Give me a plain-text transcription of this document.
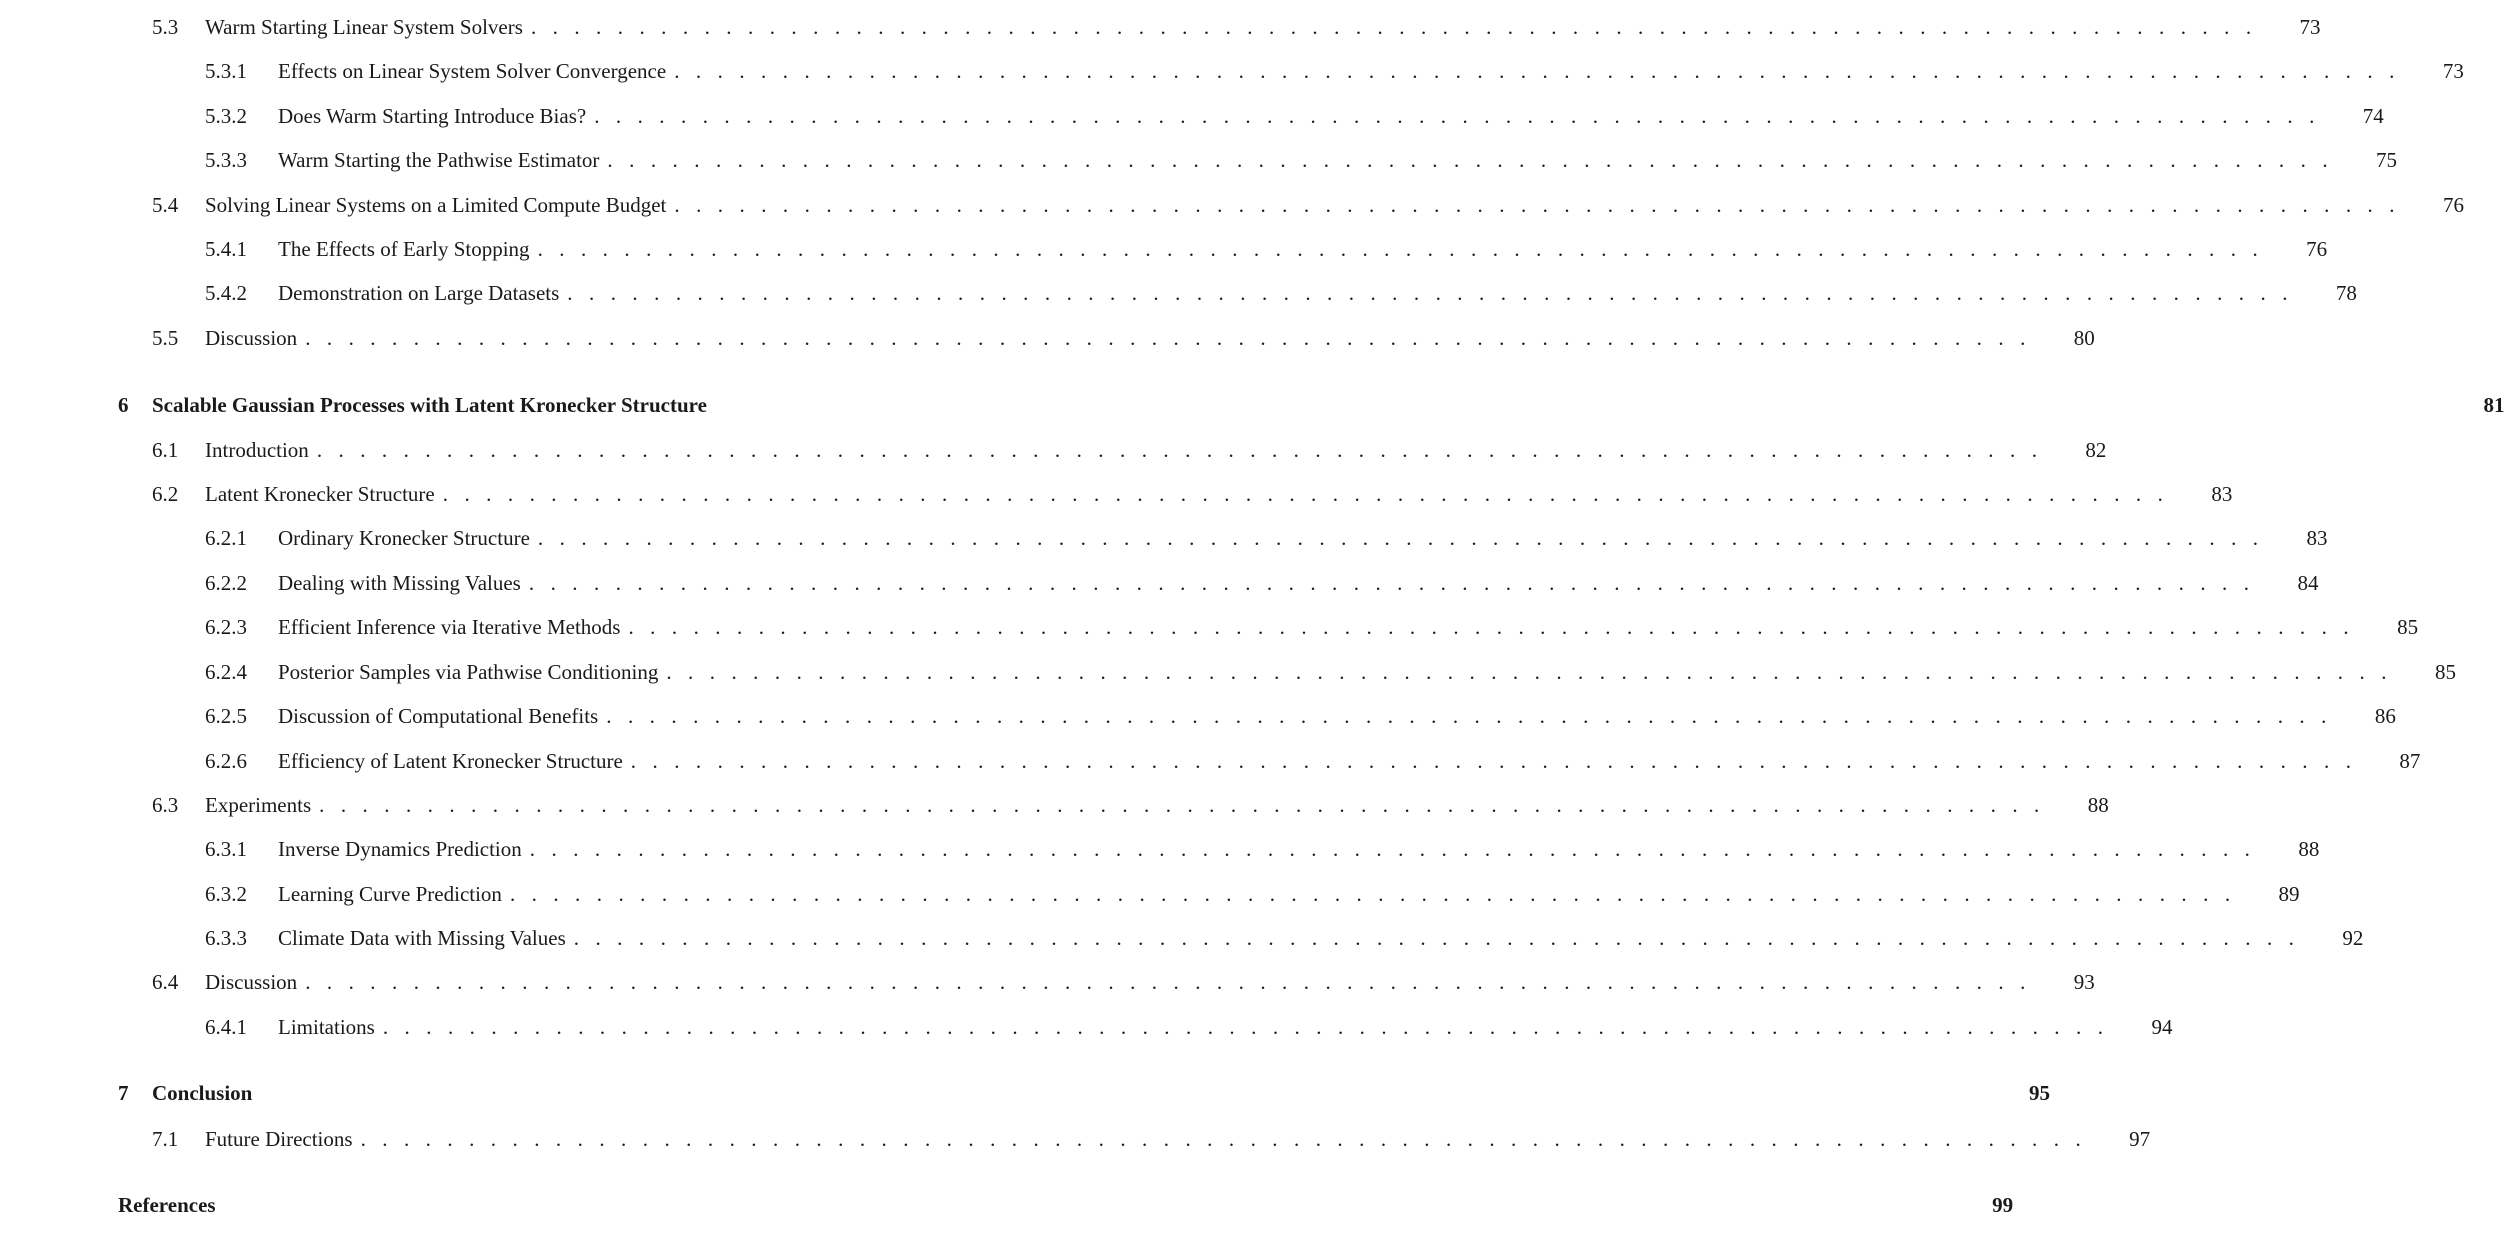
5.3	Warm Starting Linear System Solvers    .   .   .   .   .   .   .   .   .   .   .   .   .   .   .   .   .   .   .   .   .   .   .   .   .   .   .   .   .   .   .   .   .   .   .   .   .   .   .   .   .   .   .   .   .   .   .   .   .   .   .   .   .   .   .   .   .   .   .   .   .   .   .   .   .   .   .   .   .   .   .   .   .   .   .   .   .   .   .   .	73
5.3.1	Effects on Linear System Solver Convergence    .   .   .   .   .   .   .   .   .   .   .   .   .   .   .   .   .   .   .   .   .   .   .   .   .   .   .   .   .   .   .   .   .   .   .   .   .   .   .   .   .   .   .   .   .   .   .   .   .   .   .   .   .   .   .   .   .   .   .   .   .   .   .   .   .   .   .   .   .   .   .   .   .   .   .   .   .   .   .   .	73
5.3.2	Does Warm Starting Introduce Bias?    .   .   .   .   .   .   .   .   .   .   .   .   .   .   .   .   .   .   .   .   .   .   .   .   .   .   .   .   .   .   .   .   .   .   .   .   .   .   .   .   .   .   .   .   .   .   .   .   .   .   .   .   .   .   .   .   .   .   .   .   .   .   .   .   .   .   .   .   .   .   .   .   .   .   .   .   .   .   .   .	74
5.3.3	Warm Starting the Pathwise Estimator    .   .   .   .   .   .   .   .   .   .   .   .   .   .   .   .   .   .   .   .   .   .   .   .   .   .   .   .   .   .   .   .   .   .   .   .   .   .   .   .   .   .   .   .   .   .   .   .   .   .   .   .   .   .   .   .   .   .   .   .   .   .   .   .   .   .   .   .   .   .   .   .   .   .   .   .   .   .   .   .	75
5.4	Solving Linear Systems on a Limited Compute Budget    .   .   .   .   .   .   .   .   .   .   .   .   .   .   .   .   .   .   .   .   .   .   .   .   .   .   .   .   .   .   .   .   .   .   .   .   .   .   .   .   .   .   .   .   .   .   .   .   .   .   .   .   .   .   .   .   .   .   .   .   .   .   .   .   .   .   .   .   .   .   .   .   .   .   .   .   .   .   .   .	76
5.4.1	The Effects of Early Stopping    .   .   .   .   .   .   .   .   .   .   .   .   .   .   .   .   .   .   .   .   .   .   .   .   .   .   .   .   .   .   .   .   .   .   .   .   .   .   .   .   .   .   .   .   .   .   .   .   .   .   .   .   .   .   .   .   .   .   .   .   .   .   .   .   .   .   .   .   .   .   .   .   .   .   .   .   .   .   .   .	76
5.4.2	Demonstration on Large Datasets    .   .   .   .   .   .   .   .   .   .   .   .   .   .   .   .   .   .   .   .   .   .   .   .   .   .   .   .   .   .   .   .   .   .   .   .   .   .   .   .   .   .   .   .   .   .   .   .   .   .   .   .   .   .   .   .   .   .   .   .   .   .   .   .   .   .   .   .   .   .   .   .   .   .   .   .   .   .   .   .	78
5.5	Discussion    .   .   .   .   .   .   .   .   .   .   .   .   .   .   .   .   .   .   .   .   .   .   .   .   .   .   .   .   .   .   .   .   .   .   .   .   .   .   .   .   .   .   .   .   .   .   .   .   .   .   .   .   .   .   .   .   .   .   .   .   .   .   .   .   .   .   .   .   .   .   .   .   .   .   .   .   .   .   .   .	80
6	Scalable Gaussian Processes with Latent Kronecker Structure	81
6.1	Introduction    .   .   .   .   .   .   .   .   .   .   .   .   .   .   .   .   .   .   .   .   .   .   .   .   .   .   .   .   .   .   .   .   .   .   .   .   .   .   .   .   .   .   .   .   .   .   .   .   .   .   .   .   .   .   .   .   .   .   .   .   .   .   .   .   .   .   .   .   .   .   .   .   .   .   .   .   .   .   .   .	82
6.2	Latent Kronecker Structure    .   .   .   .   .   .   .   .   .   .   .   .   .   .   .   .   .   .   .   .   .   .   .   .   .   .   .   .   .   .   .   .   .   .   .   .   .   .   .   .   .   .   .   .   .   .   .   .   .   .   .   .   .   .   .   .   .   .   .   .   .   .   .   .   .   .   .   .   .   .   .   .   .   .   .   .   .   .   .   .	83
6.2.1	Ordinary Kronecker Structure    .   .   .   .   .   .   .   .   .   .   .   .   .   .   .   .   .   .   .   .   .   .   .   .   .   .   .   .   .   .   .   .   .   .   .   .   .   .   .   .   .   .   .   .   .   .   .   .   .   .   .   .   .   .   .   .   .   .   .   .   .   .   .   .   .   .   .   .   .   .   .   .   .   .   .   .   .   .   .   .	83
6.2.2	Dealing with Missing Values    .   .   .   .   .   .   .   .   .   .   .   .   .   .   .   .   .   .   .   .   .   .   .   .   .   .   .   .   .   .   .   .   .   .   .   .   .   .   .   .   .   .   .   .   .   .   .   .   .   .   .   .   .   .   .   .   .   .   .   .   .   .   .   .   .   .   .   .   .   .   .   .   .   .   .   .   .   .   .   .	84
6.2.3	Efficient Inference via Iterative Methods    .   .   .   .   .   .   .   .   .   .   .   .   .   .   .   .   .   .   .   .   .   .   .   .   .   .   .   .   .   .   .   .   .   .   .   .   .   .   .   .   .   .   .   .   .   .   .   .   .   .   .   .   .   .   .   .   .   .   .   .   .   .   .   .   .   .   .   .   .   .   .   .   .   .   .   .   .   .   .   .	85
6.2.4	Posterior Samples via Pathwise Conditioning    .   .   .   .   .   .   .   .   .   .   .   .   .   .   .   .   .   .   .   .   .   .   .   .   .   .   .   .   .   .   .   .   .   .   .   .   .   .   .   .   .   .   .   .   .   .   .   .   .   .   .   .   .   .   .   .   .   .   .   .   .   .   .   .   .   .   .   .   .   .   .   .   .   .   .   .   .   .   .   .	85
6.2.5	Discussion of Computational Benefits    .   .   .   .   .   .   .   .   .   .   .   .   .   .   .   .   .   .   .   .   .   .   .   .   .   .   .   .   .   .   .   .   .   .   .   .   .   .   .   .   .   .   .   .   .   .   .   .   .   .   .   .   .   .   .   .   .   .   .   .   .   .   .   .   .   .   .   .   .   .   .   .   .   .   .   .   .   .   .   .	86
6.2.6	Efficiency of Latent Kronecker Structure    .   .   .   .   .   .   .   .   .   .   .   .   .   .   .   .   .   .   .   .   .   .   .   .   .   .   .   .   .   .   .   .   .   .   .   .   .   .   .   .   .   .   .   .   .   .   .   .   .   .   .   .   .   .   .   .   .   .   .   .   .   .   .   .   .   .   .   .   .   .   .   .   .   .   .   .   .   .   .   .	87
6.3	Experiments    .   .   .   .   .   .   .   .   .   .   .   .   .   .   .   .   .   .   .   .   .   .   .   .   .   .   .   .   .   .   .   .   .   .   .   .   .   .   .   .   .   .   .   .   .   .   .   .   .   .   .   .   .   .   .   .   .   .   .   .   .   .   .   .   .   .   .   .   .   .   .   .   .   .   .   .   .   .   .   .	88
6.3.1	Inverse Dynamics Prediction    .   .   .   .   .   .   .   .   .   .   .   .   .   .   .   .   .   .   .   .   .   .   .   .   .   .   .   .   .   .   .   .   .   .   .   .   .   .   .   .   .   .   .   .   .   .   .   .   .   .   .   .   .   .   .   .   .   .   .   .   .   .   .   .   .   .   .   .   .   .   .   .   .   .   .   .   .   .   .   .	88
6.3.2	Learning Curve Prediction    .   .   .   .   .   .   .   .   .   .   .   .   .   .   .   .   .   .   .   .   .   .   .   .   .   .   .   .   .   .   .   .   .   .   .   .   .   .   .   .   .   .   .   .   .   .   .   .   .   .   .   .   .   .   .   .   .   .   .   .   .   .   .   .   .   .   .   .   .   .   .   .   .   .   .   .   .   .   .   .	89
6.3.3	Climate Data with Missing Values    .   .   .   .   .   .   .   .   .   .   .   .   .   .   .   .   .   .   .   .   .   .   .   .   .   .   .   .   .   .   .   .   .   .   .   .   .   .   .   .   .   .   .   .   .   .   .   .   .   .   .   .   .   .   .   .   .   .   .   .   .   .   .   .   .   .   .   .   .   .   .   .   .   .   .   .   .   .   .   .	92
6.4	Discussion    .   .   .   .   .   .   .   .   .   .   .   .   .   .   .   .   .   .   .   .   .   .   .   .   .   .   .   .   .   .   .   .   .   .   .   .   .   .   .   .   .   .   .   .   .   .   .   .   .   .   .   .   .   .   .   .   .   .   .   .   .   .   .   .   .   .   .   .   .   .   .   .   .   .   .   .   .   .   .   .	93
6.4.1	Limitations    .   .   .   .   .   .   .   .   .   .   .   .   .   .   .   .   .   .   .   .   .   .   .   .   .   .   .   .   .   .   .   .   .   .   .   .   .   .   .   .   .   .   .   .   .   .   .   .   .   .   .   .   .   .   .   .   .   .   .   .   .   .   .   .   .   .   .   .   .   .   .   .   .   .   .   .   .   .   .   .	94
7	Conclusion	95
7.1	Future Directions    .   .   .   .   .   .   .   .   .   .   .   .   .   .   .   .   .   .   .   .   .   .   .   .   .   .   .   .   .   .   .   .   .   .   .   .   .   .   .   .   .   .   .   .   .   .   .   .   .   .   .   .   .   .   .   .   .   .   .   .   .   .   .   .   .   .   .   .   .   .   .   .   .   .   .   .   .   .   .   .	97
References	99
